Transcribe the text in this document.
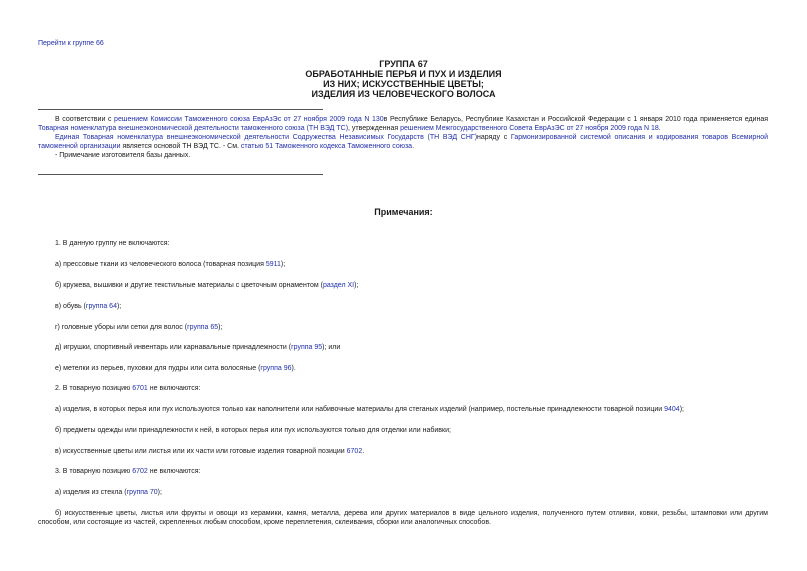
Перейти к группе 66
ГРУППА 67
ОБРАБОТАННЫЕ ПЕРЬЯ И ПУХ И ИЗДЕЛИЯ
ИЗ НИХ; ИСКУССТВЕННЫЕ ЦВЕТЫ;
ИЗДЕЛИЯ ИЗ ЧЕЛОВЕЧЕСКОГО ВОЛОСА

В соответствии с решением Комиссии Таможенного союза ЕврАзЭс от 27 ноября 2009 года N 130в Республике Беларусь, Республике Казахстан и Российской Федерации с 1 января 2010 года применяется единая Товарная номенклатура внешнеэкономической деятельности таможенного союза (ТН ВЭД ТС), утвержденная решением Межгосударственного Совета ЕврАзЭС от 27 ноября 2009 года N 18.

Единая Товарная номенклатура внешнеэкономической деятельности Содружества Независимых Государств (ТН ВЭД СНГ)наряду с Гармонизированной системой описания и кодирования товаров Всемирной таможенной организации является основой ТН ВЭД ТС. - См. статью 51 Таможенного кодекса Таможенного союза.

- Примечание изготовителя базы данных.

Примечания:
1. В данную группу не включаются:
а) прессовые ткани из человеческого волоса (товарная позиция 5911);
б) кружева, вышивки и другие текстильные материалы с цветочным орнаментом (раздел XI);
в) обувь (группа 64);
г) головные уборы или сетки для волос (группа 65);
д) игрушки, спортивный инвентарь или карнавальные принадлежности (группа 95); или
е) метелки из перьев, пуховки для пудры или сита волосяные (группа 96).
2. В товарную позицию 6701 не включаются:
а) изделия, в которых перья или пух используются только как наполнители или набивочные материалы для стеганых изделий (например, постельные принадлежности товарной позиции 9404);
б) предметы одежды или принадлежности к ней, в которых перья или пух используются только для отделки или набивки;
в) искусственные цветы или листья или их части или готовые изделия товарной позиции 6702.
3. В товарную позицию 6702 не включаются:
а) изделия из стекла (группа 70);
б) искусственные цветы, листья или фрукты и овощи из керамики, камня, металла, дерева или других материалов в виде цельного изделия, полученного путем отливки, ковки, резьбы, штамповки или другим способом, или состоящие из частей, скрепленных любым способом, кроме переплетения, склеивания, сборки или аналогичных способов.
